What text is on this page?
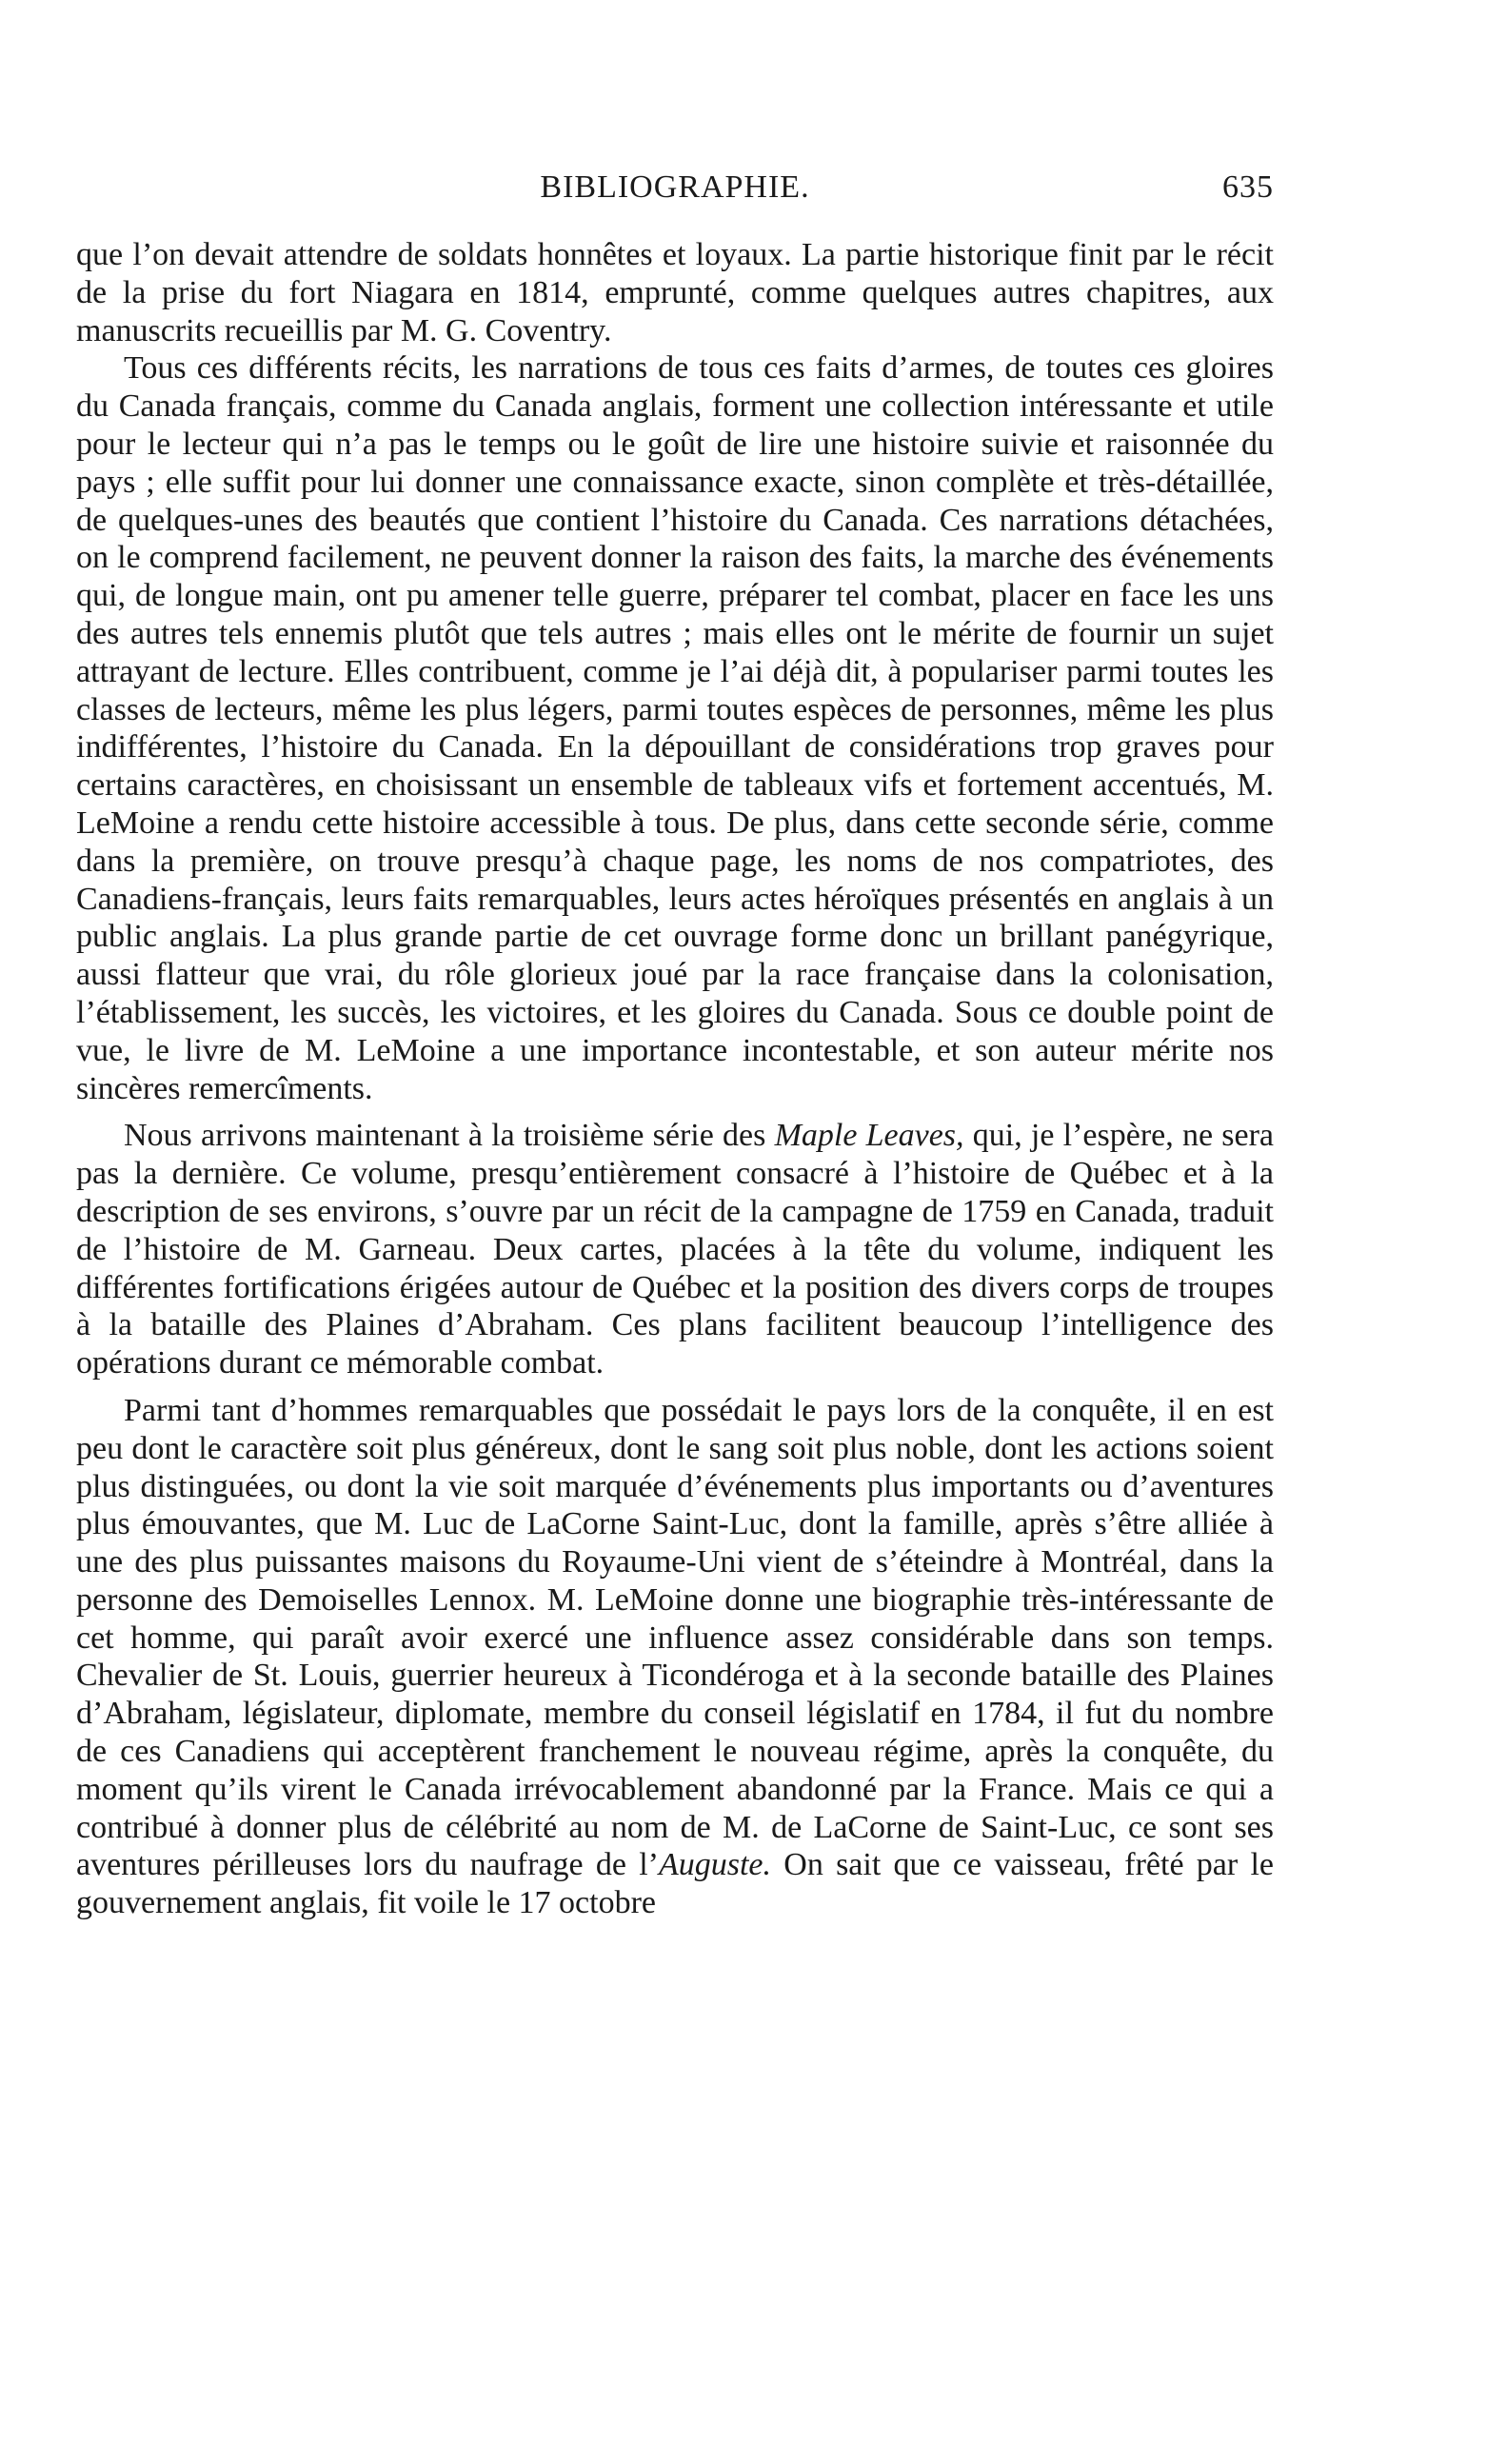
BIBLIOGRAPHIE.	635

que l’on devait attendre de soldats honnêtes et loyaux. La partie historique finit par le récit de la prise du fort Niagara en 1814, emprunté, comme quelques autres chapitres, aux manuscrits recueillis par M. G. Coventry.

Tous ces différents récits, les narrations de tous ces faits d’armes, de toutes ces gloires du Canada français, comme du Canada anglais, forment une collection intéressante et utile pour le lecteur qui n’a pas le temps ou le goût de lire une histoire suivie et raisonnée du pays ; elle suffit pour lui donner une connaissance exacte, sinon complète et très-détaillée, de quelques-unes des beautés que contient l’histoire du Canada. Ces narrations détachées, on le comprend facilement, ne peuvent donner la raison des faits, la marche des événements qui, de longue main, ont pu amener telle guerre, préparer tel combat, placer en face les uns des autres tels ennemis plutôt que tels autres ; mais elles ont le mérite de fournir un sujet attrayant de lecture. Elles contribuent, comme je l’ai déjà dit, à populariser parmi toutes les classes de lecteurs, même les plus légers, parmi toutes espèces de personnes, même les plus indifférentes, l’histoire du Canada. En la dépouillant de considérations trop graves pour certains caractères, en choisissant un ensemble de tableaux vifs et fortement accentués, M. LeMoine a rendu cette histoire accessible à tous. De plus, dans cette seconde série, comme dans la première, on trouve presqu’à chaque page, les noms de nos compatriotes, des Canadiens-français, leurs faits remarquables, leurs actes héroïques présentés en anglais à un public anglais. La plus grande partie de cet ouvrage forme donc un brillant panégyrique, aussi flatteur que vrai, du rôle glorieux joué par la race française dans la colonisation, l’établissement, les succès, les victoires, et les gloires du Canada. Sous ce double point de vue, le livre de M. LeMoine a une importance incontestable, et son auteur mérite nos sincères remercîments.

Nous arrivons maintenant à la troisième série des Maple Leaves, qui, je l’espère, ne sera pas la dernière. Ce volume, presqu’entièrement consacré à l’histoire de Québec et à la description de ses environs, s’ouvre par un récit de la campagne de 1759 en Canada, traduit de l’histoire de M. Garneau. Deux cartes, placées à la tête du volume, indiquent les différentes fortifications érigées autour de Québec et la position des divers corps de troupes à la bataille des Plaines d’Abraham. Ces plans facilitent beaucoup l’intelligence des opérations durant ce mémorable combat.

Parmi tant d’hommes remarquables que possédait le pays lors de la conquête, il en est peu dont le caractère soit plus généreux, dont le sang soit plus noble, dont les actions soient plus distinguées, ou dont la vie soit marquée d’événements plus importants ou d’aventures plus émouvantes, que M. Luc de LaCorne Saint-Luc, dont la famille, après s’être alliée à une des plus puissantes maisons du Royaume-Uni vient de s’éteindre à Montréal, dans la personne des Demoiselles Lennox. M. LeMoine donne une biographie très-intéressante de cet homme, qui paraît avoir exercé une influence assez considérable dans son temps. Chevalier de St. Louis, guerrier heureux à Ticondéroga et à la seconde bataille des Plaines d’Abraham, législateur, diplomate, membre du conseil législatif en 1784, il fut du nombre de ces Canadiens qui acceptèrent franchement le nouveau régime, après la conquête, du moment qu’ils virent le Canada irrévocablement abandonné par la France. Mais ce qui a contribué à donner plus de célébrité au nom de M. de LaCorne de Saint-Luc, ce sont ses aventures périlleuses lors du naufrage de l’Auguste. On sait que ce vaisseau, frêté par le gouvernement anglais, fit voile le 17 octobre
